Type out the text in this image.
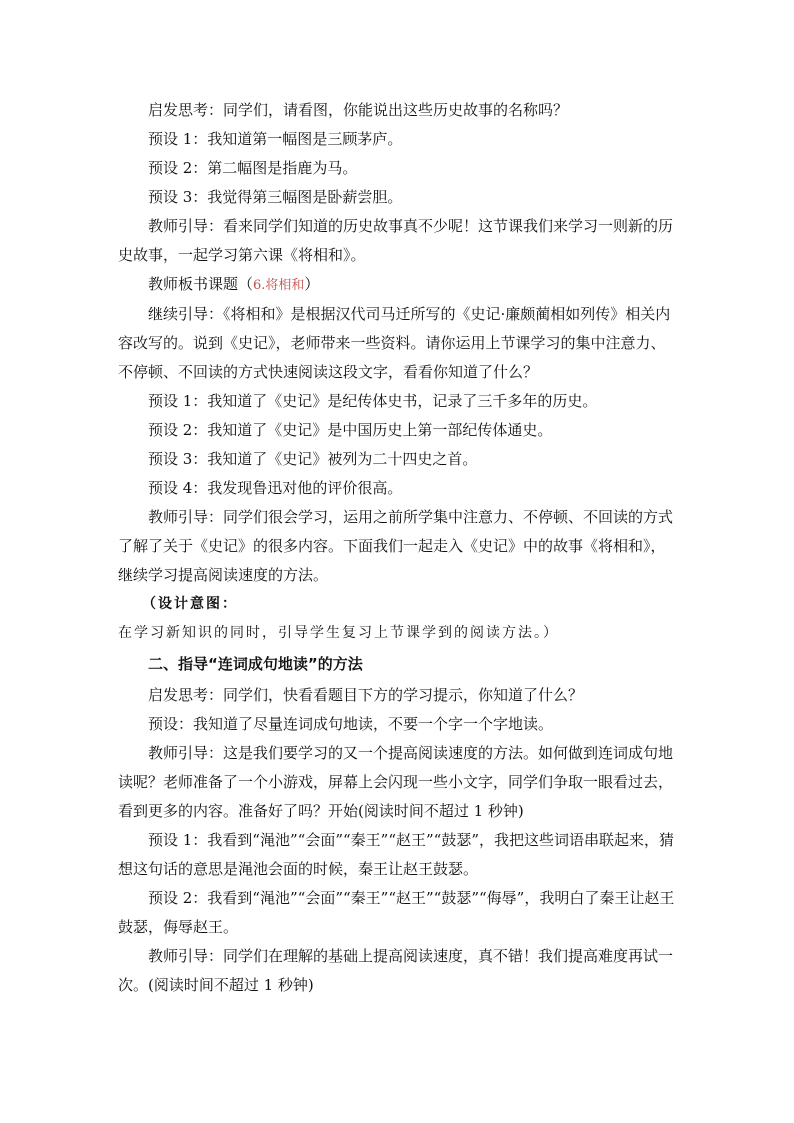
启发思考：同学们，请看图，你能说出这些历史故事的名称吗？

预设 1：我知道第一幅图是三顾茅庐。

预设 2：第二幅图是指鹿为马。

预设 3：我觉得第三幅图是卧薪尝胆。

教师引导：看来同学们知道的历史故事真不少呢！这节课我们来学习一则新的历史故事，一起学习第六课《将相和》。

教师板书课题（6.将相和）

继续引导：《将相和》是根据汉代司马迁所写的《史记·廉颇蔺相如列传》相关内容改写的。说到《史记》，老师带来一些资料。请你运用上节课学习的集中注意力、不停顿、不回读的方式快速阅读这段文字，看看你知道了什么？

预设 1：我知道了《史记》是纪传体史书，记录了三千多年的历史。

预设 2：我知道了《史记》是中国历史上第一部纪传体通史。

预设 3：我知道了《史记》被列为二十四史之首。

预设 4：我发现鲁迅对他的评价很高。

教师引导：同学们很会学习，运用之前所学集中注意力、不停顿、不回读的方式了解了关于《史记》的很多内容。下面我们一起走入《史记》中的故事《将相和》，继续学习提高阅读速度的方法。

（设计意图：在学习新知识的同时，引导学生复习上节课学到的阅读方法。）

二、指导“连词成句地读”的方法

启发思考：同学们，快看看题目下方的学习提示，你知道了什么？

预设：我知道了尽量连词成句地读，不要一个字一个字地读。

教师引导：这是我们要学习的又一个提高阅读速度的方法。如何做到连词成句地读呢？老师准备了一个小游戏，屏幕上会闪现一些小文字，同学们争取一眼看过去，看到更多的内容。准备好了吗？开始(阅读时间不超过 1 秒钟)

预设 1：我看到“渑池”“会面”“秦王”“赵王”“鼓瑟”，我把这些词语串联起来，猜想这句话的意思是渑池会面的时候，秦王让赵王鼓瑟。

预设 2：我看到“渑池”“会面”“秦王”“赵王”“鼓瑟”“侮辱”，我明白了秦王让赵王鼓瑟，侮辱赵王。

教师引导：同学们在理解的基础上提高阅读速度，真不错！我们提高难度再试一次。(阅读时间不超过 1 秒钟)
